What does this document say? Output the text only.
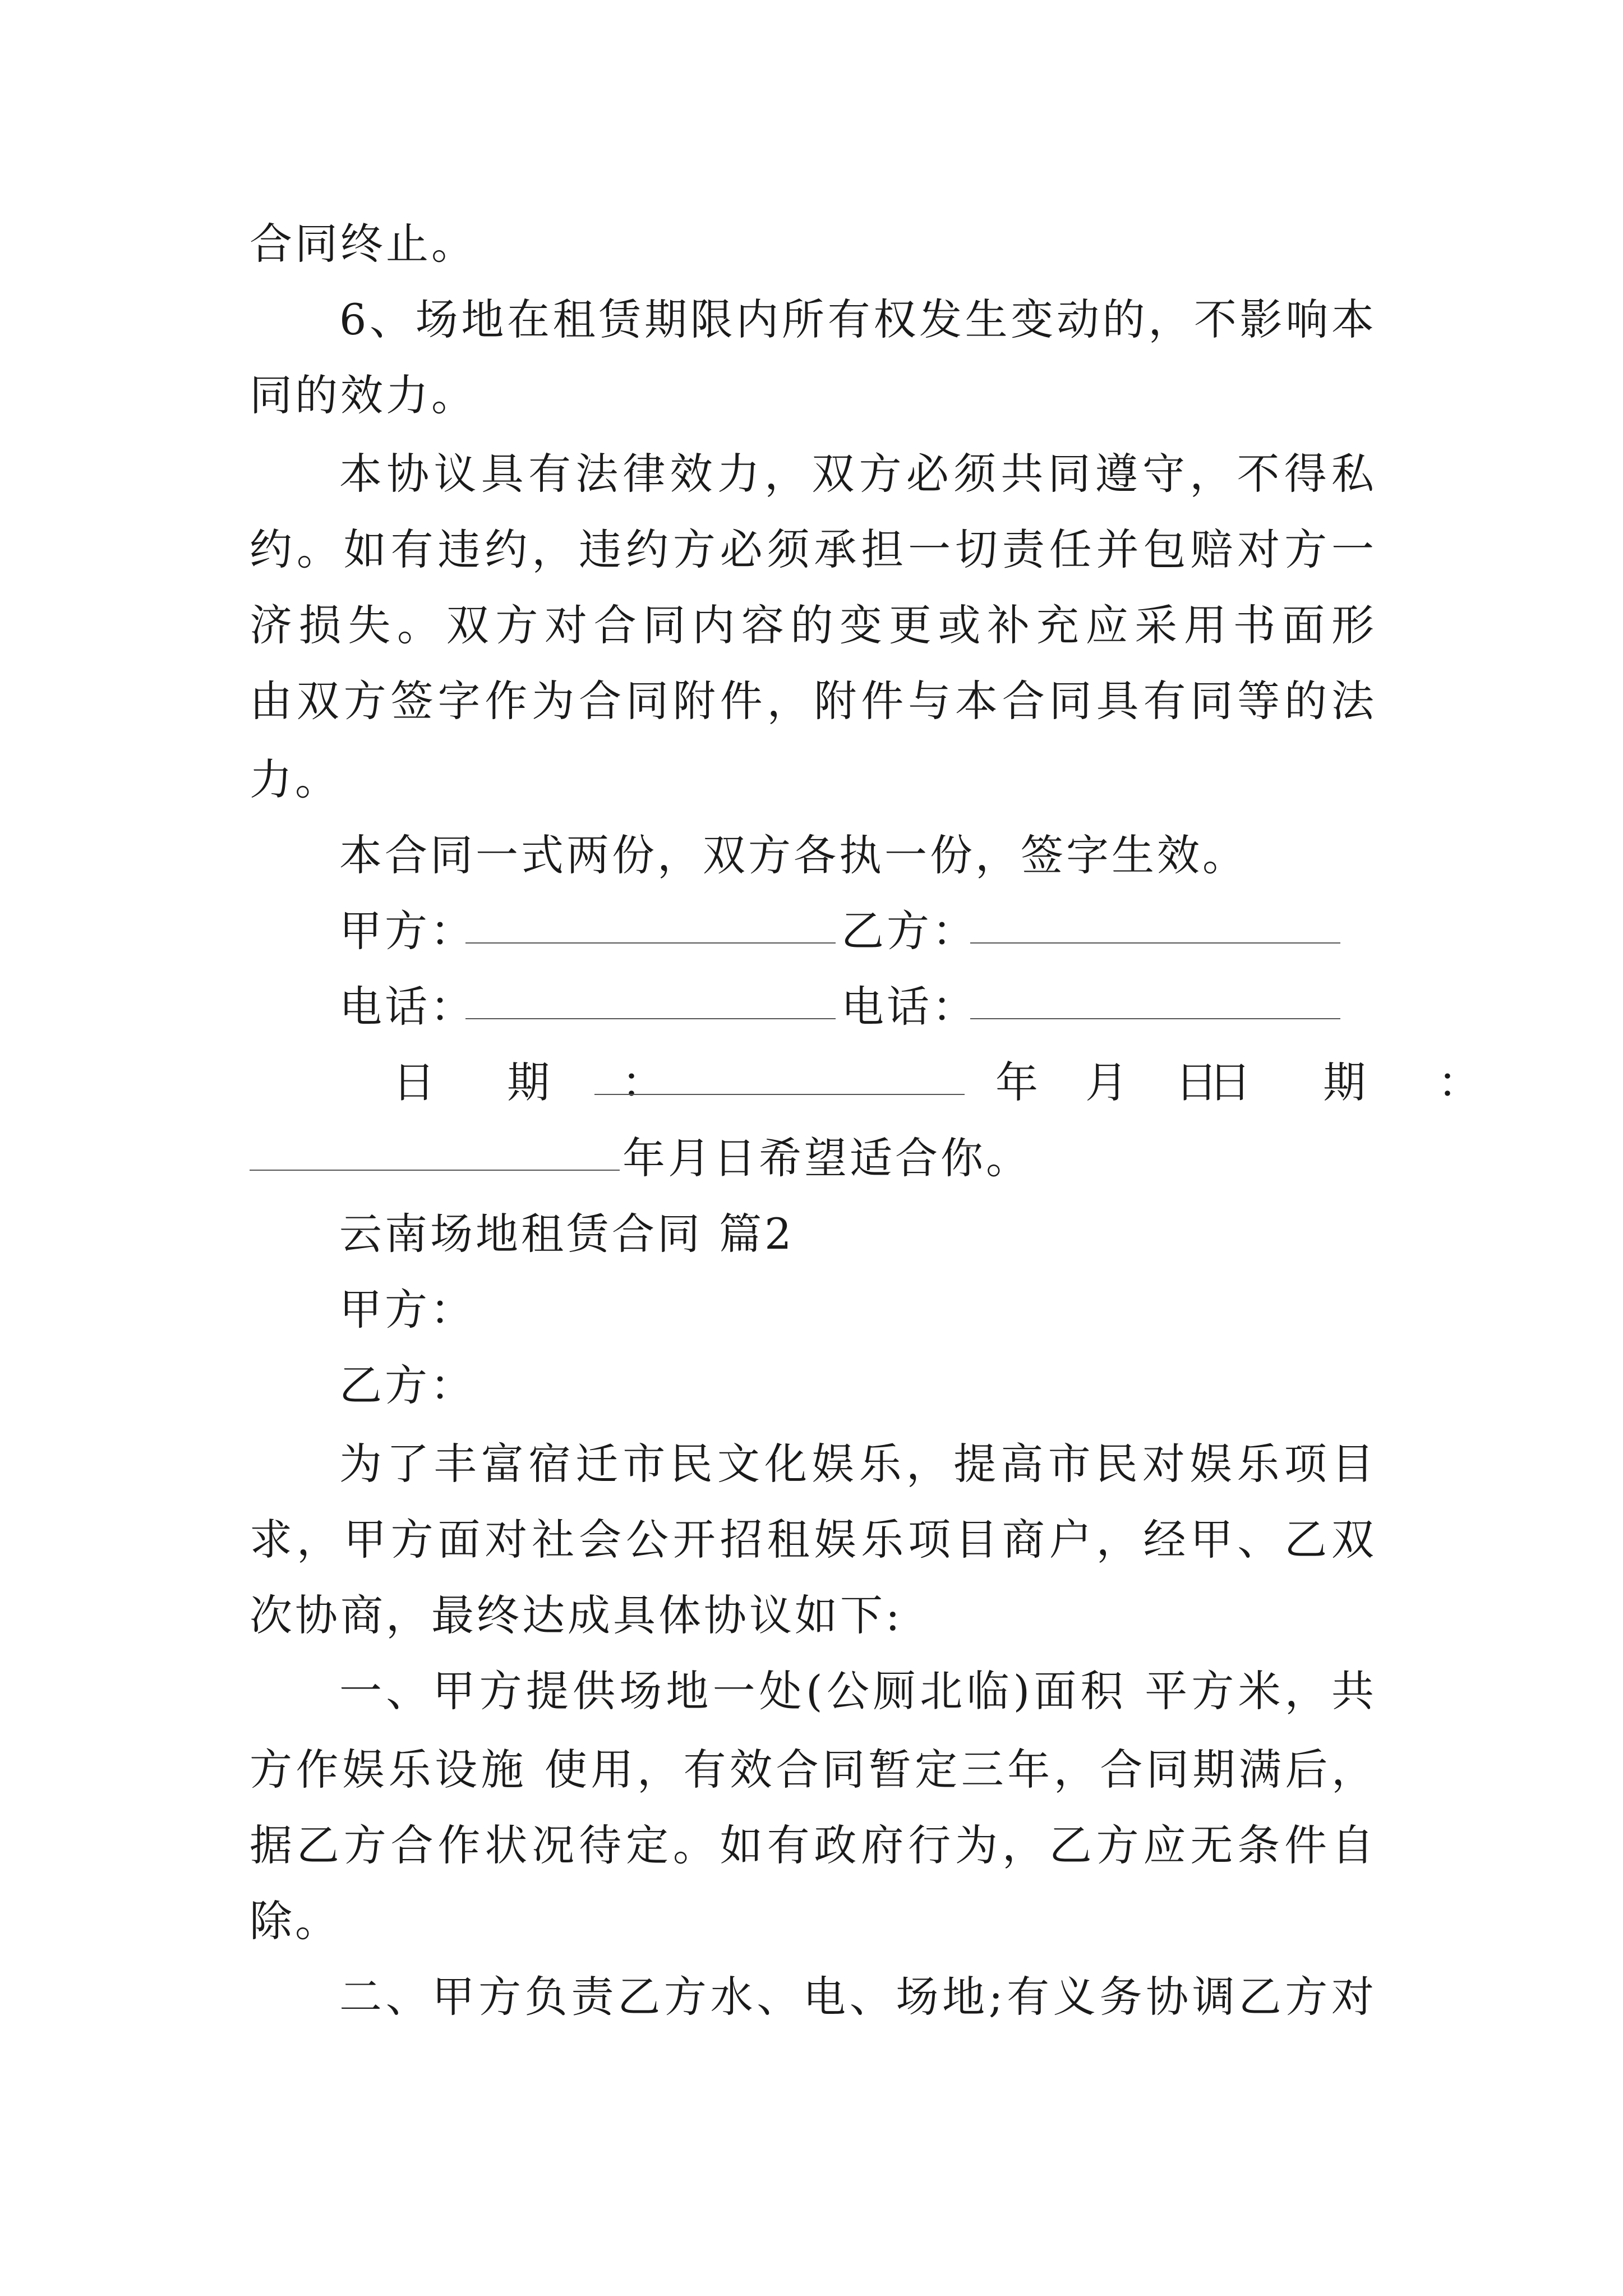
合同终止。
6、场地在租赁期限内所有权发生变动的，不影响本
同的效力。
本协议具有法律效力，双方必须共同遵守，不得私
约。如有违约，违约方必须承担一切责任并包赔对方一
济损失。双方对合同内容的变更或补充应采用书面形
由双方签字作为合同附件，附件与本合同具有同等的法
力。
本合同一式两份，双方各执一份，签字生效。
甲方：	乙方：
电话：	电话：
日 期 ：	年 月 日
日 期 ：
年月日希望适合你。
云南场地租赁合同 篇2
甲方：
乙方：
为了丰富宿迁市民文化娱乐，提高市民对娱乐项目
求，甲方面对社会公开招租娱乐项目商户，经甲、乙双
次协商，最终达成具体协议如下:
一、甲方提供场地一处(公厕北临)面积 平方米，共
方作娱乐设施 使用，有效合同暂定三年，合同期满后，
据乙方合作状况待定。如有政府行为，乙方应无条件自
除。
二、甲方负责乙方水、电、场地;有义务协调乙方对
